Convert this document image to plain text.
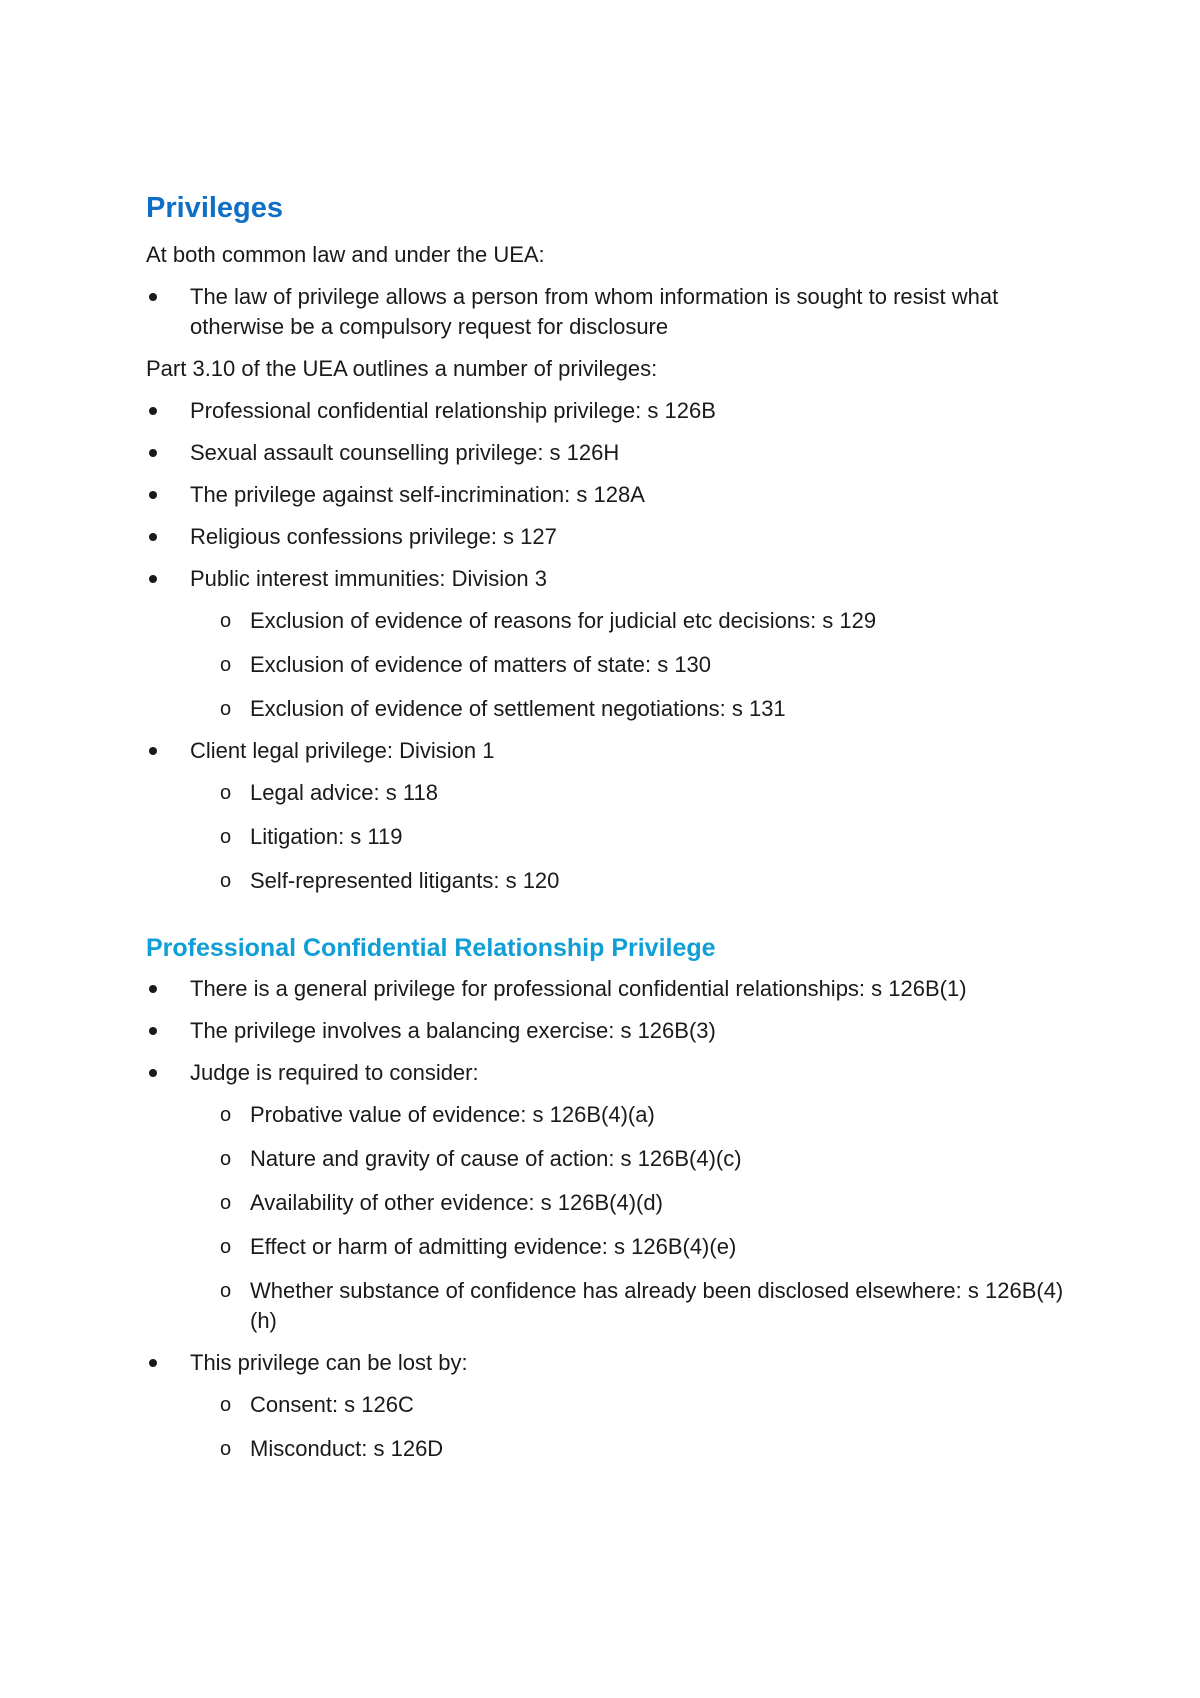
Privileges
At both common law and under the UEA:
The law of privilege allows a person from whom information is sought to resist what otherwise be a compulsory request for disclosure
Part 3.10 of the UEA outlines a number of privileges:
Professional confidential relationship privilege: s 126B
Sexual assault counselling privilege: s 126H
The privilege against self-incrimination: s 128A
Religious confessions privilege: s 127
Public interest immunities: Division 3
o Exclusion of evidence of reasons for judicial etc decisions: s 129
o Exclusion of evidence of matters of state: s 130
o Exclusion of evidence of settlement negotiations: s 131
Client legal privilege: Division 1
o Legal advice: s 118
o Litigation: s 119
o Self-represented litigants: s 120
Professional Confidential Relationship Privilege
There is a general privilege for professional confidential relationships: s 126B(1)
The privilege involves a balancing exercise: s 126B(3)
Judge is required to consider:
o Probative value of evidence: s 126B(4)(a)
o Nature and gravity of cause of action: s 126B(4)(c)
o Availability of other evidence: s 126B(4)(d)
o Effect or harm of admitting evidence: s 126B(4)(e)
o Whether substance of confidence has already been disclosed elsewhere: s 126B(4)(h)
This privilege can be lost by:
o Consent: s 126C
o Misconduct: s 126D
